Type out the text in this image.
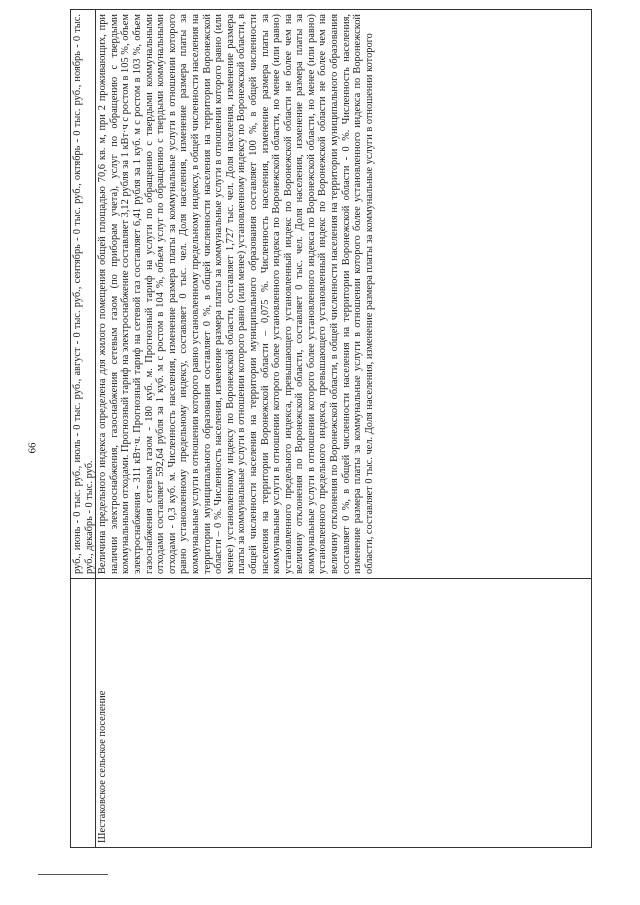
66
		руб., июнь - 0 тыс. руб., июль - 0 тыс. руб., август - 0 тыс. руб., сентябрь - 0 тыс. руб., октябрь - 0 тыс. руб., ноябрь - 0 тыс. руб., декабрь - 0 тыс. руб.
Шестаковское сельское поселение	Величина предельного индекса определена для жилого помещения общей площадью 70,6 кв. м, при 2 проживающих, при наличии электроснабжения, газоснабжения сетевым газом (по приборам учета), услуг по обращению с твердыми коммунальными отходами. Прогнозный тариф на электроснабжение составляет 3,12 рубля за 1 кВт·ч с ростом в 105 %, объем электроснабжения - 311 кВт·ч. Прогнозный тариф на сетевой газ составляет 6,41 рубля за 1 куб. м с ростом в 103 %, объем газоснабжения сетевым газом - 180 куб. м. Прогнозный тариф на услуги по обращению с твердыми коммунальными отходами составляет 592,64 рубля за 1 куб. м с ростом в 104 %, объем услуг по обращению с твердыми коммунальными отходами - 0,3 куб. м. Численность населения, изменение размера платы за коммунальные услуги в отношении которого равно установленному предельному индексу, составляет 0 тыс. чел. Доля населения, изменение размера платы за коммунальные услуги в отношении которого равно установленному предельному индексу, в общей численности населения на территории муниципального образования составляет 0 %, в общей численности населения на территории Воронежской области – 0 %. Численность населения, изменение размера платы за коммунальные услуги в отношении которого равно (или менее) установленному индексу по Воронежской области, составляет 1,727 тыс. чел. Доля населения, изменение размера платы за коммунальные услуги в отношении которого равно (или менее) установленному индексу по Воронежской области, в общей численности населения на территории муниципального образования составляет 100 %, в общей численности населения на территории Воронежской области – 0,075 %. Численность населения, изменение размера платы за коммунальные услуги в отношении которого более установленного индекса по Воронежской области, но менее (или равно) установленного предельного индекса, превышающего установленный индекс по Воронежской области не более чем на величину отклонения по Воронежской области, составляет 0 тыс. чел. Доля населения, изменение размера платы за коммунальные услуги в отношении которого более установленного индекса по Воронежской области, но менее (или равно) установленного предельного индекса, превышающего установленный индекс по Воронежской области не более чем на величину отклонения по Воронежской области, в общей численности населения на территории муниципального образования составляет 0 %, в общей численности населения на территории Воронежской области - 0 %. Численность населения, изменение размера платы за коммунальные услуги в отношении которого более установленного индекса по Воронежской области, составляет 0 тыс. чел. Доля населения, изменение размера платы за коммунальные услуги в отношении которого
